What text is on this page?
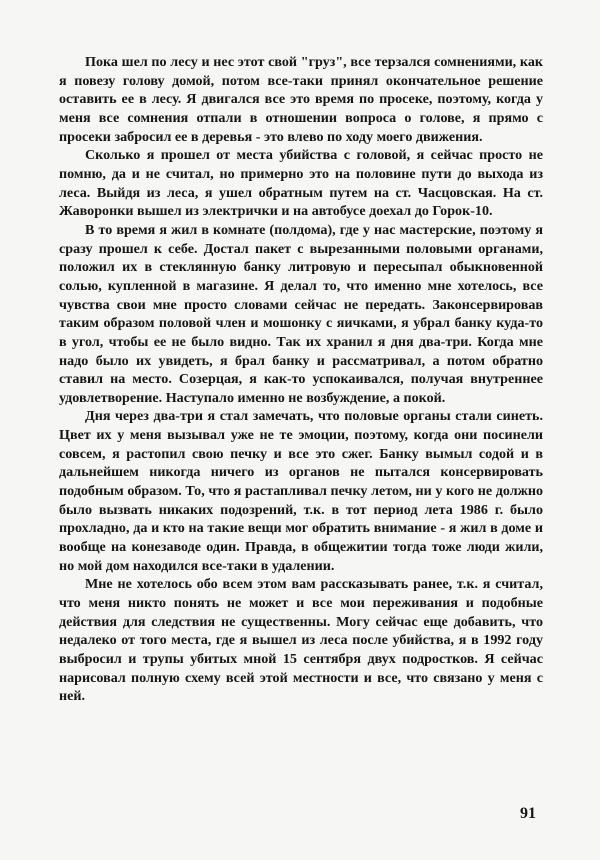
Пока шел по лесу и нес этот свой "груз", все терзался сомнениями, как я повезу голову домой, потом все-таки принял окончательное решение оставить ее в лесу. Я двигался все это время по просеке, поэтому, когда у меня все сомнения отпали в отношении вопроса о голове, я прямо с просеки забросил ее в деревья - это влево по ходу моего движения.

Сколько я прошел от места убийства с головой, я сейчас просто не помню, да и не считал, но примерно это на половине пути до выхода из леса. Выйдя из леса, я ушел обратным путем на ст. Часцовская. На ст. Жаворонки вышел из электрички и на автобусе доехал до Горок-10.

В то время я жил в комнате (полдома), где у нас мастерские, поэтому я сразу прошел к себе. Достал пакет с вырезанными половыми органами, положил их в стеклянную банку литровую и пересыпал обыкновенной солью, купленной в магазине. Я делал то, что именно мне хотелось, все чувства свои мне просто словами сейчас не передать. Законсервировав таким образом половой член и мошонку с яичками, я убрал банку куда-то в угол, чтобы ее не было видно. Так их хранил я дня два-три. Когда мне надо было их увидеть, я брал банку и рассматривал, а потом обратно ставил на место. Созерцая, я как-то успокаивался, получая внутреннее удовлетворение. Наступало именно не возбуждение, а покой.

Дня через два-три я стал замечать, что половые органы стали синеть. Цвет их у меня вызывал уже не те эмоции, поэтому, когда они посинели совсем, я растопил свою печку и все это сжег. Банку вымыл содой и в дальнейшем никогда ничего из органов не пытался консервировать подобным образом. То, что я растапливал печку летом, ни у кого не должно было вызвать никаких подозрений, т.к. в тот период лета 1986 г. было прохладно, да и кто на такие вещи мог обратить внимание - я жил в доме и вообще на конезаводе один. Правда, в общежитии тогда тоже люди жили, но мой дом находился все-таки в удалении.

Мне не хотелось обо всем этом вам рассказывать ранее, т.к. я считал, что меня никто понять не может и все мои переживания и подобные действия для следствия не существенны. Могу сейчас еще добавить, что недалеко от того места, где я вышел из леса после убийства, я в 1992 году выбросил и трупы убитых мной 15 сентября двух подростков. Я сейчас нарисовал полную схему всей этой местности и все, что связано у меня с ней.

91
